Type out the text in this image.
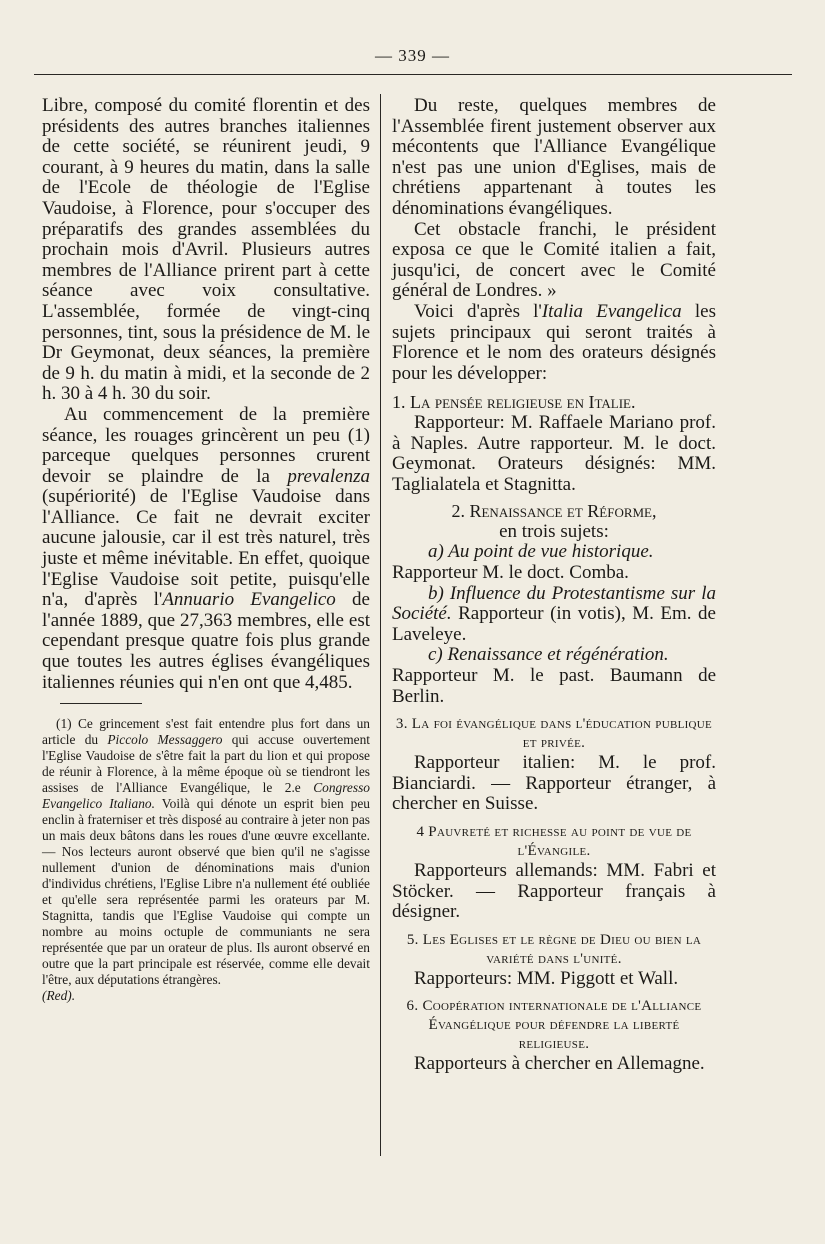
— 339 —

Libre, composé du comité florentin et des présidents des autres branches italiennes de cette société, se réunirent jeudi, 9 courant, à 9 heures du matin, dans la salle de l'Ecole de théologie de l'Eglise Vaudoise, à Florence, pour s'occuper des préparatifs des grandes assemblées du prochain mois d'Avril. Plusieurs autres membres de l'Alliance prirent part à cette séance avec voix consultative. L'assemblée, formée de vingt-cinq personnes, tint, sous la présidence de M. le Dr Geymonat, deux séances, la première de 9 h. du matin à midi, et la seconde de 2 h. 30 à 4 h. 30 du soir.

Au commencement de la première séance, les rouages grincèrent un peu (1) parceque quelques personnes crurent devoir se plaindre de la prevalenza (supériorité) de l'Eglise Vaudoise dans l'Alliance. Ce fait ne devrait exciter aucune jalousie, car il est très naturel, très juste et même inévitable. En effet, quoique l'Eglise Vaudoise soit petite, puisqu'elle n'a, d'après l'Annuario Evangelico de l'année 1889, que 27,363 membres, elle est cependant presque quatre fois plus grande que toutes les autres églises évangéliques italiennes réunies qui n'en ont que 4,485.

(1) Ce grincement s'est fait entendre plus fort dans un article du Piccolo Messaggero qui accuse ouvertement l'Eglise Vaudoise de s'être fait la part du lion et qui propose de réunir à Florence, à la même époque où se tiendront les assises de l'Alliance Evangélique, le 2.e Congresso Evangelico Italiano. Voilà qui dénote un esprit bien peu enclin à fraterniser et très disposé au contraire à jeter non pas un mais deux bâtons dans les roues d'une œuvre excellante. — Nos lecteurs auront observé que bien qu'il ne s'agisse nullement d'union de dénominations mais d'union d'individus chrétiens, l'Eglise Libre n'a nullement été oubliée et qu'elle sera représentée parmi les orateurs par M. Stagnitta, tandis que l'Eglise Vaudoise qui compte un nombre au moins octuple de communiants ne sera représentée que par un orateur de plus. Ils auront observé en outre que la part principale est réservée, comme elle devait l'être, aux députations étrangères.

(Red).

Du reste, quelques membres de l'Assemblée firent justement observer aux mécontents que l'Alliance Evangélique n'est pas une union d'Eglises, mais de chrétiens appartenant à toutes les dénominations évangéliques.

Cet obstacle franchi, le président exposa ce que le Comité italien a fait, jusqu'ici, de concert avec le Comité général de Londres. »

Voici d'après l'Italia Evangelica les sujets principaux qui seront traités à Florence et le nom des orateurs désignés pour les développer:

1. La pensée religieuse en Italie.

Rapporteur: M. Raffaele Mariano prof. à Naples. Autre rapporteur. M. le doct. Geymonat. Orateurs désignés: MM. Taglialatela et Stagnitta.

2. Renaissance et Réforme,

en trois sujets:

a) Au point de vue historique.

Rapporteur M. le doct. Comba.

b) Influence du Protestantisme sur la Société. Rapporteur (in votis), M. Em. de Laveleye.

c) Renaissance et régénération.

Rapporteur M. le past. Baumann de Berlin.

3. La foi évangélique dans l'éducation publique et privée.

Rapporteur italien: M. le prof. Bianciardi. — Rapporteur étranger, à chercher en Suisse.

4 Pauvreté et richesse au point de vue de l'Évangile.

Rapporteurs allemands: MM. Fabri et Stöcker. — Rapporteur français à désigner.

5. Les Eglises et le règne de Dieu ou bien la variété dans l'unité.

Rapporteurs: MM. Piggott et Wall.

6. Coopération internationale de l'Alliance Évangélique pour défendre la liberté religieuse.

Rapporteurs à chercher en Allemagne.
